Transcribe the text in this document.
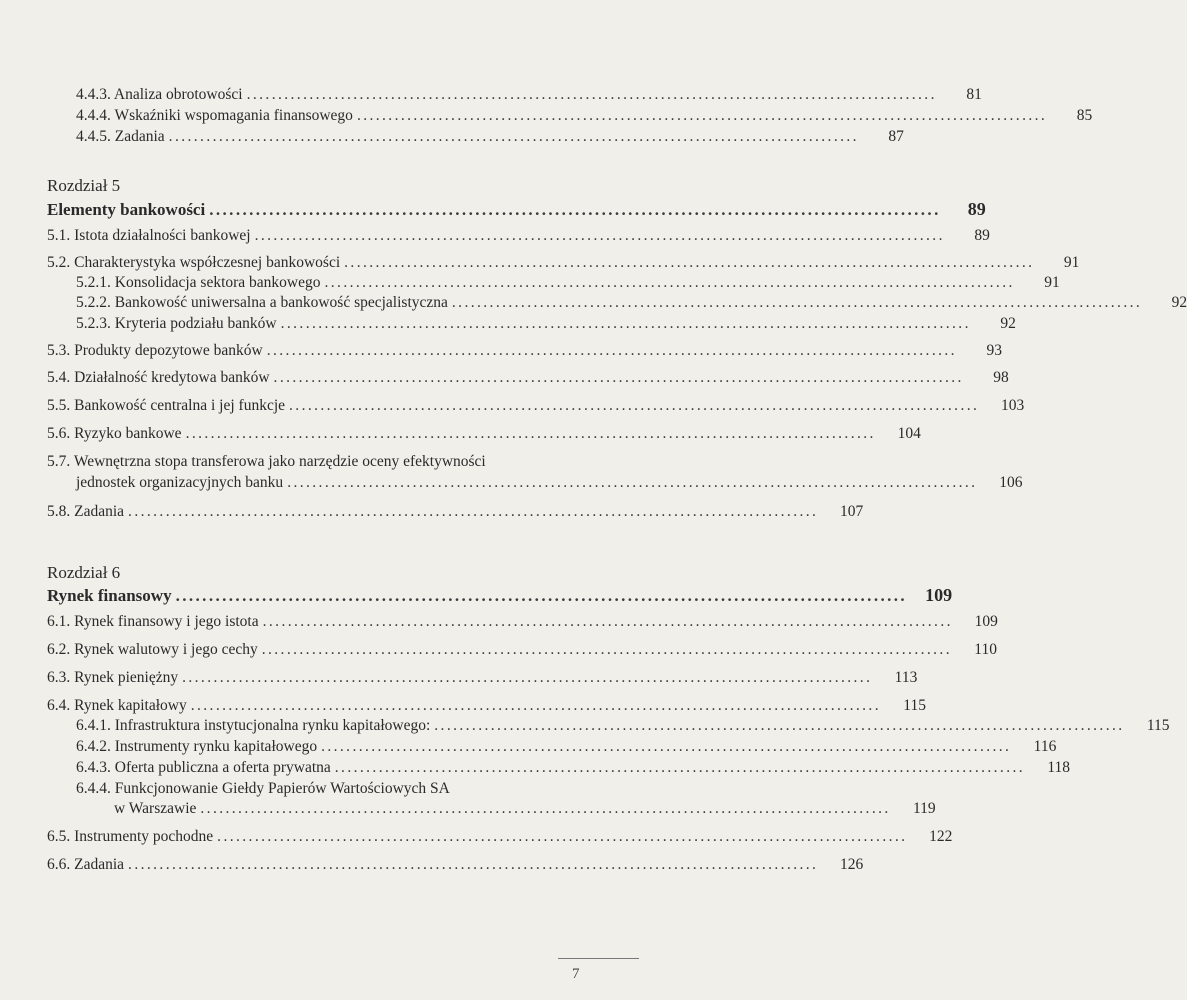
4.4.3. Analiza obrotowości ..............................................................................................................	81
4.4.4. Wskaźniki wspomagania finansowego ..............................................................................................................	85
4.4.5. Zadania ..............................................................................................................	87
Rozdział 5
Elementy bankowości ..............................................................................................................	89
5.1. Istota działalności bankowej ..............................................................................................................	89
5.2. Charakterystyka współczesnej bankowości ..............................................................................................................	91
5.2.1. Konsolidacja sektora bankowego ..............................................................................................................	91
5.2.2. Bankowość uniwersalna a bankowość specjalistyczna ..............................................................................................................	92
5.2.3. Kryteria podziału banków ..............................................................................................................	92
5.3. Produkty depozytowe banków ..............................................................................................................	93
5.4. Działalność kredytowa banków ..............................................................................................................	98
5.5. Bankowość centralna i jej funkcje ..............................................................................................................	103
5.6. Ryzyko bankowe ..............................................................................................................	104
5.7. Wewnętrzna stopa transferowa jako narzędzie oceny efektywności
jednostek organizacyjnych banku ..............................................................................................................	106
5.8. Zadania ..............................................................................................................	107
Rozdział 6
Rynek finansowy ..............................................................................................................	109
6.1. Rynek finansowy i jego istota ..............................................................................................................	109
6.2. Rynek walutowy i jego cechy ..............................................................................................................	110
6.3. Rynek pieniężny ..............................................................................................................	113
6.4. Rynek kapitałowy ..............................................................................................................	115
6.4.1. Infrastruktura instytucjonalna rynku kapitałowego: ..............................................................................................................	115
6.4.2. Instrumenty rynku kapitałowego ..............................................................................................................	116
6.4.3. Oferta publiczna a oferta prywatna ..............................................................................................................	118
6.4.4. Funkcjonowanie Giełdy Papierów Wartościowych SA
w Warszawie ..............................................................................................................	119
6.5. Instrumenty pochodne ..............................................................................................................	122
6.6. Zadania ..............................................................................................................	126
7
